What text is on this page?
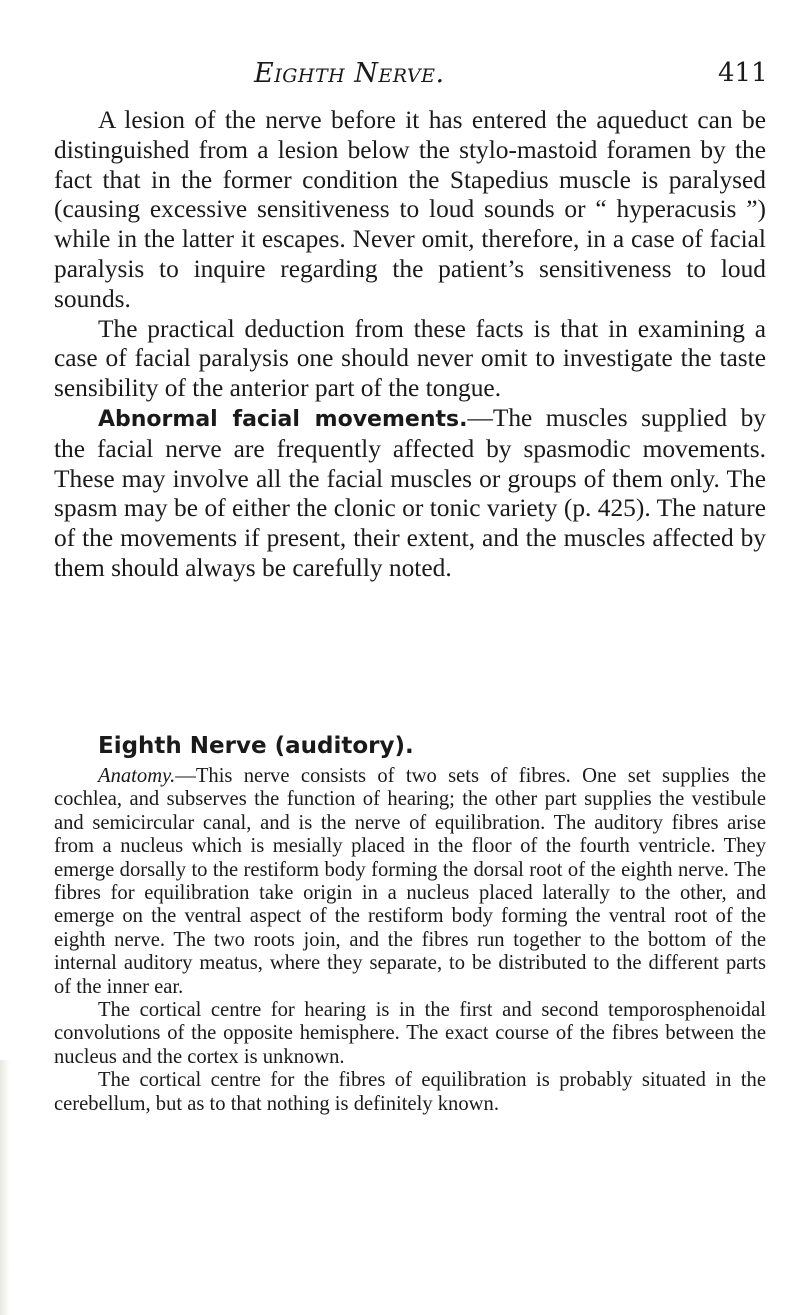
Eighth Nerve.	411

A lesion of the nerve before it has entered the aqueduct can be distinguished from a lesion below the stylo-mastoid foramen by the fact that in the former condition the Stapedius muscle is paralysed (causing excessive sensitiveness to loud sounds or “ hyperacusis ”) while in the latter it escapes. Never omit, therefore, in a case of facial paralysis to inquire regarding the patient’s sensitiveness to loud sounds.

The practical deduction from these facts is that in examining a case of facial paralysis one should never omit to investigate the taste sensibility of the anterior part of the tongue.

Abnormal facial movements.—The muscles supplied by the facial nerve are frequently affected by spasmodic movements. These may involve all the facial muscles or groups of them only. The spasm may be of either the clonic or tonic variety (p. 425). The nature of the movements if present, their extent, and the muscles affected by them should always be carefully noted.

Eighth Nerve (auditory).

Anatomy.—This nerve consists of two sets of fibres. One set supplies the cochlea, and subserves the function of hearing; the other part supplies the vestibule and semicircular canal, and is the nerve of equilibration. The auditory fibres arise from a nucleus which is mesially placed in the floor of the fourth ventricle. They emerge dorsally to the restiform body forming the dorsal root of the eighth nerve. The fibres for equilibration take origin in a nucleus placed laterally to the other, and emerge on the ventral aspect of the restiform body forming the ventral root of the eighth nerve. The two roots join, and the fibres run together to the bottom of the internal auditory meatus, where they separate, to be distributed to the different parts of the inner ear.

The cortical centre for hearing is in the first and second temporosphenoidal convolutions of the opposite hemisphere. The exact course of the fibres between the nucleus and the cortex is unknown.

The cortical centre for the fibres of equilibration is probably situated in the cerebellum, but as to that nothing is definitely known.
